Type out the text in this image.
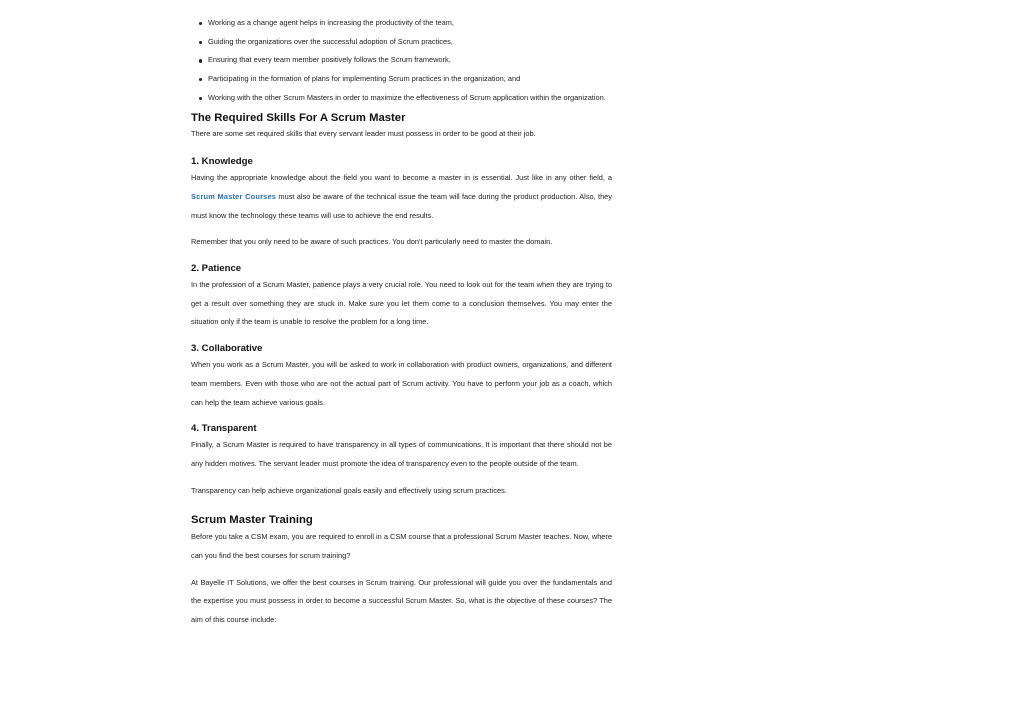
Working as a change agent helps in increasing the productivity of the team,
Guiding the organizations over the successful adoption of Scrum practices,
Ensuring that every team member positively follows the Scrum framework,
Participating in the formation of plans for implementing Scrum practices in the organization, and
Working with the other Scrum Masters in order to maximize the effectiveness of Scrum application within the organization.
The Required Skills For A Scrum Master

There are some set required skills that every servant leader must possess in order to be good at their job.

1. Knowledge

Having the appropriate knowledge about the field you want to become a master in is essential. Just like in any other field, a Scrum Master Courses must also be aware of the technical issue the team will face during the product production. Also, they must know the technology these teams will use to achieve the end results.

Remember that you only need to be aware of such practices. You don't particularly need to master the domain.

2. Patience

In the profession of a Scrum Master, patience plays a very crucial role. You need to look out for the team when they are trying to get a result over something they are stuck in. Make sure you let them come to a conclusion themselves. You may enter the situation only if the team is unable to resolve the problem for a long time.

3. Collaborative

When you work as a Scrum Master, you will be asked to work in collaboration with product owners, organizations, and different team members. Even with those who are not the actual part of Scrum activity. You have to perform your job as a coach, which can help the team achieve various goals.

4. Transparent

Finally, a Scrum Master is required to have transparency in all types of communications. It is important that there should not be any hidden motives. The servant leader must promote the idea of transparency even to the people outside of the team.

Transparency can help achieve organizational goals easily and effectively using scrum practices.

Scrum Master Training

Before you take a CSM exam, you are required to enroll in a CSM course that a professional Scrum Master teaches. Now, where can you find the best courses for scrum training?

At Bayelle IT Solutions, we offer the best courses in Scrum training. Our professional will guide you over the fundamentals and the expertise you must possess in order to become a successful Scrum Master. So, what is the objective of these courses? The aim of this course include:
